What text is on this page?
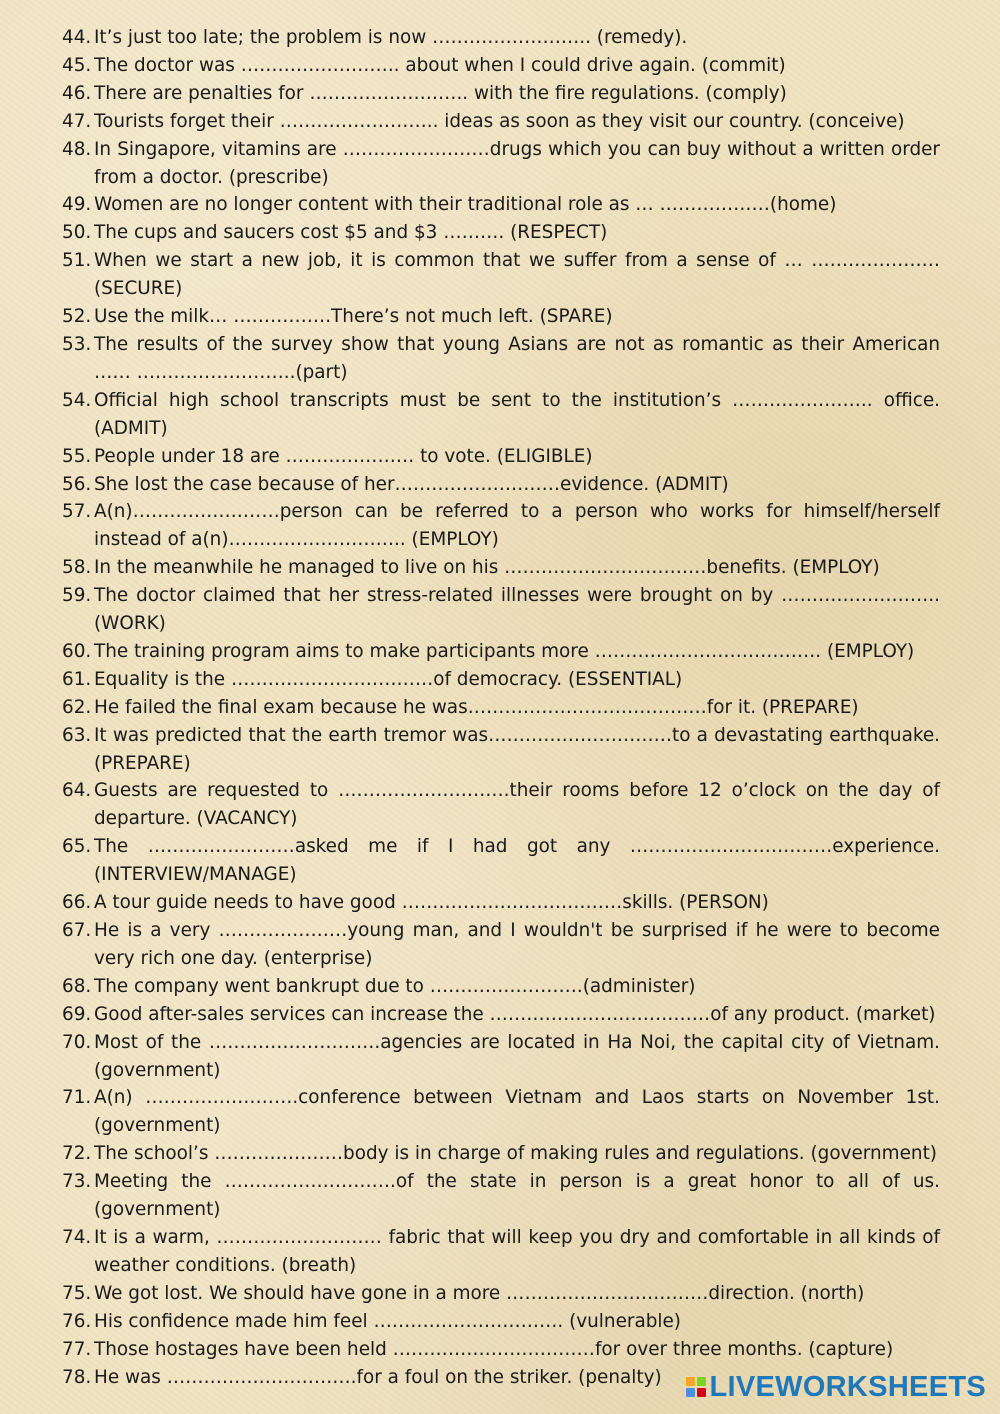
44. It’s just too late; the problem is now …………………….. (remedy).
45. The doctor was …………………….. about when I could drive again. (commit)
46. There are penalties for …………………….. with the fire regulations. (comply)
47. Tourists forget their …………………….. ideas as soon as they visit our country. (conceive)
48. In Singapore, vitamins are ……………………drugs which you can buy without a written order from a doctor. (prescribe)
49. Women are no longer content with their traditional role as … ………………(home)
50. The cups and saucers cost $5 and $3 ………. (RESPECT)
51. When we start a new job, it is common that we suffer from a sense of … …………………(SECURE)
52. Use the milk… …………….There’s not much left. (SPARE)
53. The results of the survey show that young Asians are not as romantic as their American …… ……………………..(part)
54. Official high school transcripts must be sent to the institution’s ………………….. office. (ADMIT)
55. People under 18 are ………………… to vote. (ELIGIBLE)
56. She lost the case because of her………………………evidence. (ADMIT)
57. A(n)……………………person can be referred to a person who works for himself/herself instead of a(n)……………………….. (EMPLOY)
58. In the meanwhile he managed to live on his ……………………………benefits. (EMPLOY)
59. The doctor claimed that her stress-related illnesses were brought on by …………………….. (WORK)
60. The training program aims to make participants more ………………………………. (EMPLOY)
61. Equality is the ……………………………of democracy. (ESSENTIAL)
62. He failed the final exam because he was…………………………………for it. (PREPARE)
63. It was predicted that the earth tremor was…………………………to a devastating earthquake. (PREPARE)
64. Guests are requested to ……………………….their rooms before 12 o’clock on the day of departure. (VACANCY)
65. The ……………………asked me if I had got any ……………………………experience. (INTERVIEW/MANAGE)
66. A tour guide needs to have good ………………………………skills. (PERSON)
67. He is a very …………………young man, and I wouldn't be surprised if he were to become very rich one day. (enterprise)
68. The company went bankrupt due to …………………….(administer)
69. Good after-sales services can increase the ………………………………of any product. (market)
70. Most of the ……………………….agencies are located in Ha Noi, the capital city of Vietnam. (government)
71. A(n) …………………….conference between Vietnam and Laos starts on November 1st. (government)
72. The school’s …………………body is in charge of making rules and regulations. (government)
73. Meeting the ……………………….of the state in person is a great honor to all of us. (government)
74. It is a warm, ……………………… fabric that will keep you dry and comfortable in all kinds of weather conditions. (breath)
75. We got lost. We should have gone in a more ……………………………direction. (north)
76. His confidence made him feel …………………………. (vulnerable)
77. Those hostages have been held ……………………………for over three months. (capture)
78. He was ………………………….for a foul on the striker. (penalty)	LIVEWORKSHEETS
